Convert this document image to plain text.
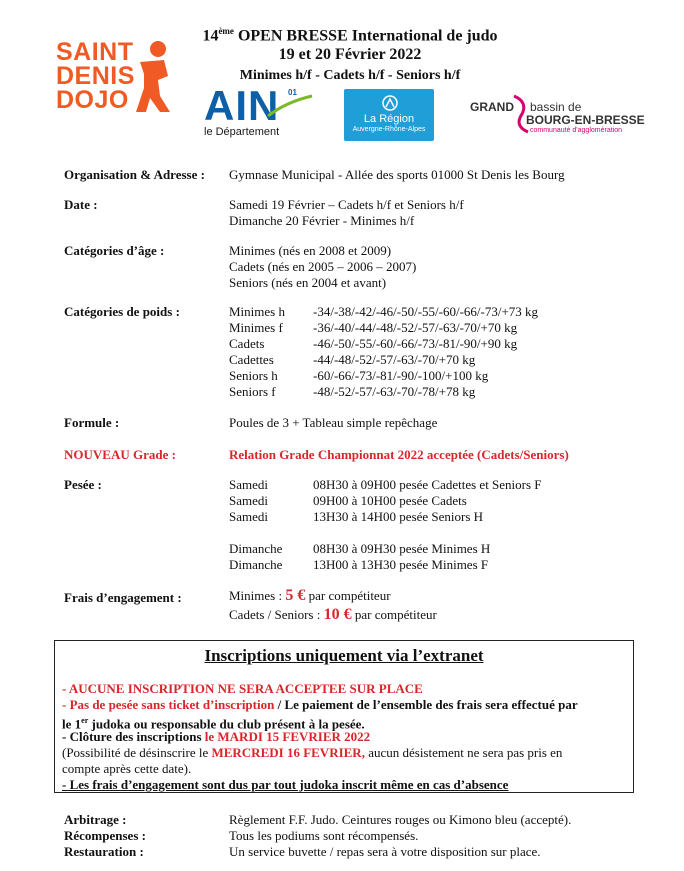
14ème OPEN BRESSE International de judo
19 et 20 Février 2022
Minimes h/f - Cadets h/f - Seniors h/f
SAINT
DENIS
DOJO AIN 01
le Département
La Région
Auvergne-Rhône-Alpes
GRAND bassin de
BOURG-EN-BRESSE
communauté d'agglomération
Organisation & Adresse : Gymnase Municipal - Allée des sports 01000 St Denis les Bourg
Date :	Samedi 19 Février – Cadets h/f et Seniors h/f
Dimanche 20 Février - Minimes h/f
Catégories d’âge :	Minimes (nés en 2008 et 2009)
Cadets (nés en 2005 – 2006 – 2007)
Seniors (nés en 2004 et avant)
Catégories de poids :	Minimes h -34/-38/-42/-46/-50/-55/-60/-66/-73/+73 kg
Minimes f -36/-40/-44/-48/-52/-57/-63/-70/+70 kg
Cadets	-46/-50/-55/-60/-66/-73/-81/-90/+90 kg
Cadettes	-44/-48/-52/-57/-63/-70/+70 kg
Seniors h	-60/-66/-73/-81/-90/-100/+100 kg
Seniors f	-48/-52/-57/-63/-70/-78/+78 kg
Formule :	Poules de 3 + Tableau simple repêchage
NOUVEAU Grade :	Relation Grade Championnat 2022 acceptée (Cadets/Seniors)
Pesée :	Samedi	08H30 à 09H00 pesée Cadettes et Seniors F
Samedi	09H00 à 10H00 pesée Cadets
Samedi	13H30 à 14H00 pesée Seniors H
Dimanche 08H30 à 09H30 pesée Minimes H
Dimanche 13H00 à 13H30 pesée Minimes F
Frais d’engagement :	Minimes : 5 € par compétiteur
Cadets / Seniors : 10 € par compétiteur
Inscriptions uniquement via l’extranet
- AUCUNE INSCRIPTION NE SERA ACCEPTEE SUR PLACE
- Pas de pesée sans ticket d’inscription / Le paiement de l’ensemble des frais sera effectué par
le 1er judoka ou responsable du club présent à la pesée.
- Clôture des inscriptions le MARDI 15 FEVRIER 2022
(Possibilité de désinscrire le MERCREDI 16 FEVRIER, aucun désistement ne sera pas pris en
compte après cette date).
- Les frais d’engagement sont dus par tout judoka inscrit même en cas d’absence
Arbitrage :	Règlement F.F. Judo. Ceintures rouges ou Kimono bleu (accepté).
Récompenses :	Tous les podiums sont récompensés.
Restauration :	Un service buvette / repas sera à votre disposition sur place.
